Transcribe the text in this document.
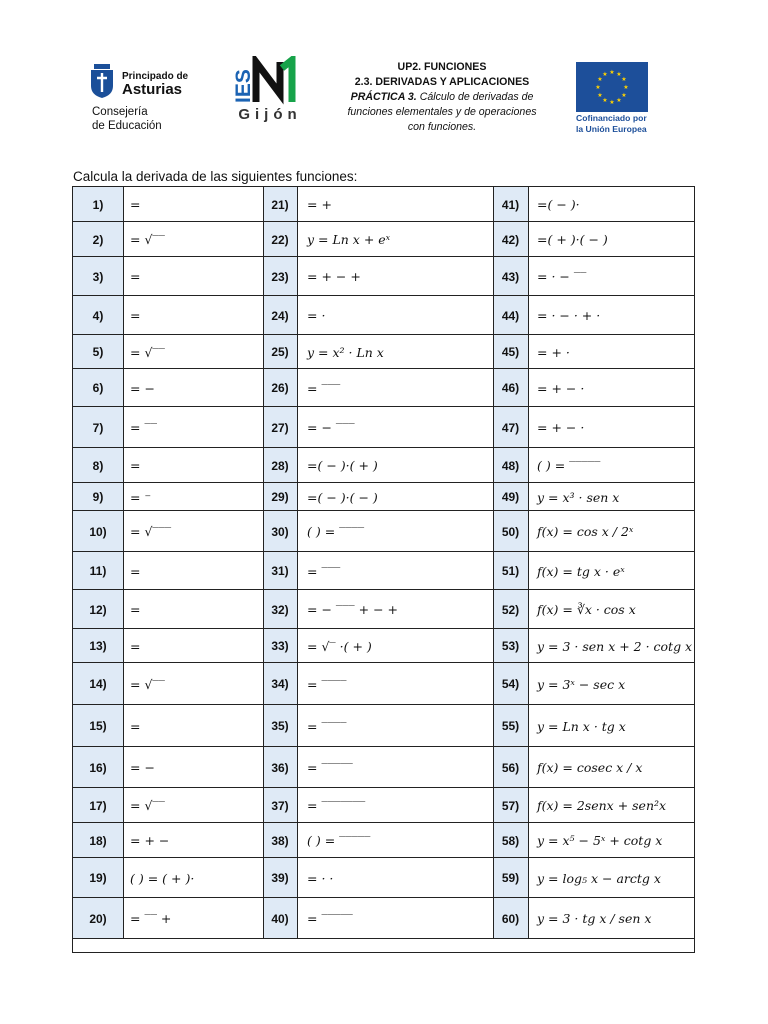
Principado de
Asturias
Consejería
de Educación
IES
Gijón
UP2. FUNCIONES
2.3. DERIVADAS Y APLICACIONES
PRÁCTICA 3. Cálculo de derivadas de
funciones elementales y de operaciones
con funciones.
★ ★
★
★
★
★
★
★
★
★
★
★
Cofinanciado por
la Unión Europea
Calcula la derivada de las siguientes funciones:
1)	=	21)	= +	41)	=( − )·
2)	= √‾‾	22)	y = Ln x + eˣ	42)	=( + )·( − )
3)	=	23)	= + − +	43)	= · − ‾‾
4)	=	24)	= ·	44)	= · − · + ·
5)	= √‾‾	25)	y = x² · Ln x	45)	= + ·
6)	= −	26)	= ‾‾‾	46)	= + − ·
7)	= ‾‾	27)	= − ‾‾‾	47)	= + − ·
8)	=	28)	=( − )·( + )	48)	( ) = ‾‾‾‾‾
9)	= ⁻	29)	=( − )·( − )	49)	y = x³ · sen x
10)	= √‾‾‾	30)	( ) = ‾‾‾‾	50)	f(x) = cos x / 2ˣ
11)	=	31)	= ‾‾‾	51)	f(x) = tg x · eˣ
12)	=	32)	= − ‾‾‾ + − +	52)	f(x) = ∛x · cos x
13)	=	33)	= √‾ ·( + )	53)	y = 3 · sen x + 2 · cotg x
14)	= √‾‾	34)	= ‾‾‾‾	54)	y = 3ˣ − sec x
15)	=	35)	= ‾‾‾‾	55)	y = Ln x · tg x
16)	= −	36)	= ‾‾‾‾‾	56)	f(x) = cosec x / x
17)	= √‾‾	37)	= ‾‾‾‾‾‾‾	57)	f(x) = 2senx + sen²x
18)	= + −	38)	( ) = ‾‾‾‾‾	58)	y = x⁵ − 5ˣ + cotg x
19)	( ) = ( + )·	39)	= · ·	59)	y = log₅ x − arctg x
20)	= ‾‾ +	40)	= ‾‾‾‾‾	60)	y = 3 · tg x / sen x
